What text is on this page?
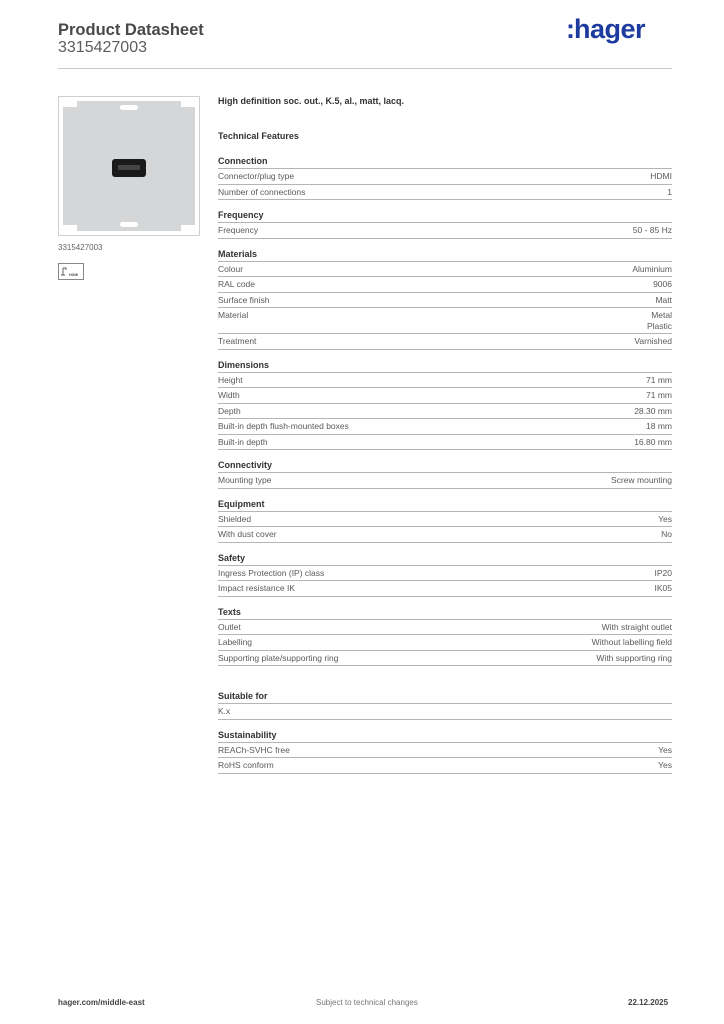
Product Datasheet
3315427003
:hager
3315427003
HDMI
High definition soc. out., K.5, al., matt, lacq.
Technical Features
Connection
Connector/plug type	HDMI
Number of connections	1
Frequency
Frequency	50 - 85 Hz
Materials
Colour	Aluminium
RAL code	9006
Surface finish	Matt
Material	Metal
Plastic
Treatment	Varnished
Dimensions
Height	71 mm
Width	71 mm
Depth	28.30 mm
Built-in depth flush-mounted boxes	18 mm
Built-in depth	16.80 mm
Connectivity
Mounting type	Screw mounting
Equipment
Shielded	Yes
With dust cover	No
Safety
Ingress Protection (IP) class	IP20
Impact resistance IK	IK05
Texts
Outlet	With straight outlet
Labelling	Without labelling field
Supporting plate/supporting ring	With supporting ring
Suitable for
K.x
Sustainability
REACh-SVHC free	Yes
RoHS conform	Yes
hager.com/middle-east	Subject to technical changes	22.12.2025
